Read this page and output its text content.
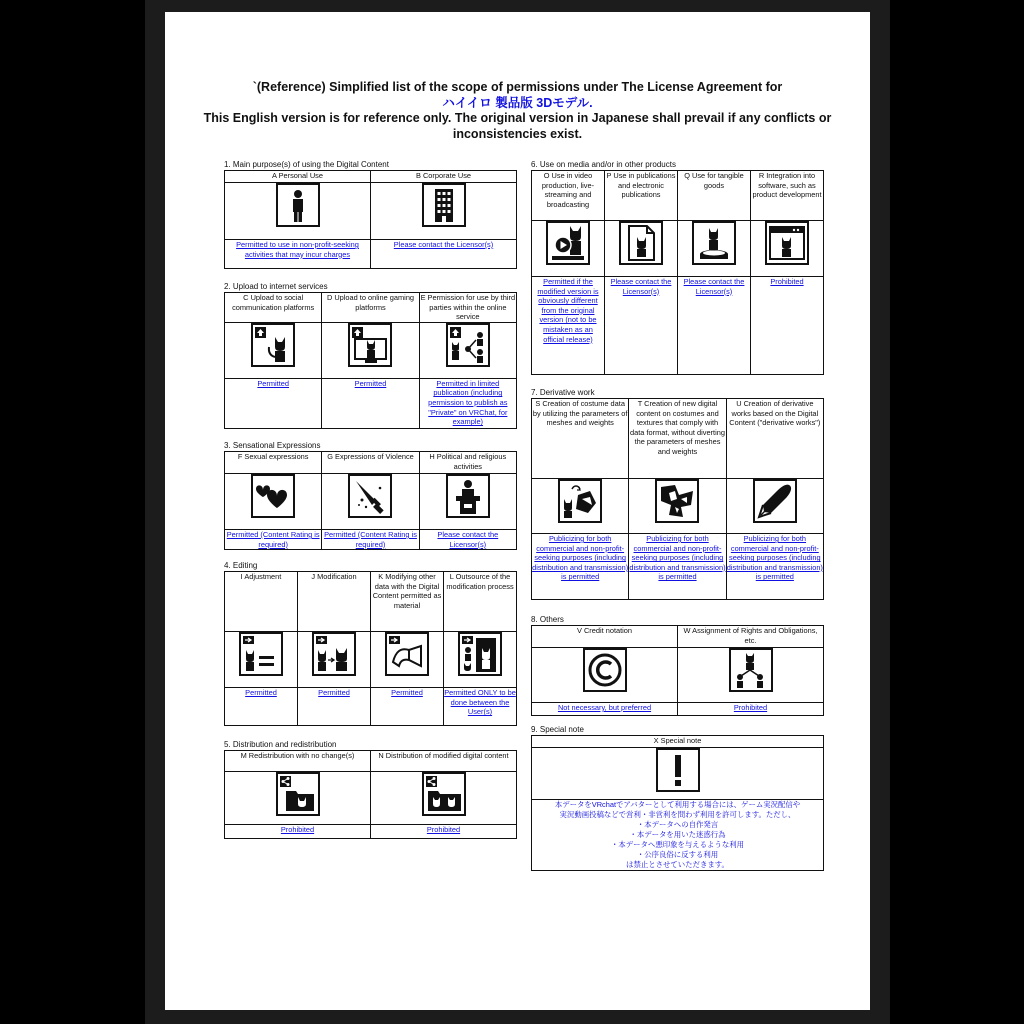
`(Reference) Simplified list of the scope of permissions under The License Agreement for
ハイイロ 製品版 3Dモデル.
This English version is for reference only. The original version in Japanese shall prevail if any conflicts or
inconsistencies exist.
1. Main purpose(s) of using the Digital Content
A Personal Use	B Corporate Use

Permitted to use in non-profit-seeking activities that may incur charges	Please contact the Licensor(s)
2. Upload to internet services
C Upload to social communication platforms	D Upload to online gaming platforms	E Permission for use by third parties within the online service

Permitted	Permitted	Permitted in limited publication (including permission to publish as "Private" on VRChat, for example)
3. Sensational Expressions
F Sexual expressions	G Expressions of Violence	H Political and religious activities

Permitted (Content Rating is required)	Permitted (Content Rating is required)	Please contact the Licensor(s)
4. Editing
I Adjustment	J Modification	K Modifying other data with the Digital Content permitted as material	L Outsource of the modification process

Permitted	Permitted	Permitted	Permitted ONLY to be done between the User(s)
5. Distribution and redistribution
M Redistribution with no change(s)	N Distribution of modified digital content

Prohibited	Prohibited
6. Use on media and/or in other products
O Use in video production, live-streaming and broadcasting	P Use in publications and electronic publications	Q Use for tangible goods	R Integration into software, such as product development

Permitted if the modified version is obviously different from the original version (not to be mistaken as an official release)	Please contact the Licensor(s)	Please contact the Licensor(s)	Prohibited
7. Derivative work
S Creation of costume data by utilizing the parameters of meshes and weights	T Creation of new digital content on costumes and textures that comply with data format, without diverting the parameters of meshes and weights	U Creation of derivative works based on the Digital Content ("derivative works")

Publicizing for both commercial and non-profit-seeking purposes (including distribution and transmission) is permitted	Publicizing for both commercial and non-profit-seeking purposes (including distribution and transmission) is permitted	Publicizing for both commercial and non-profit-seeking purposes (including distribution and transmission) is permitted
8. Others
V Credit notation	W Assignment of Rights and Obligations, etc.

Not necessary, but preferred	Prohibited
9. Special note
X Special note

本データをVRchatでアバターとして利用する場合には、ゲーム実況配信や
実況動画投稿などで営利・非営利を問わず利用を許可します。ただし、
・本データへの自作発言
・本データを用いた迷惑行為
・本データへ悪印象を与えるような利用
・公序良俗に反する利用
は禁止とさせていただきます。
